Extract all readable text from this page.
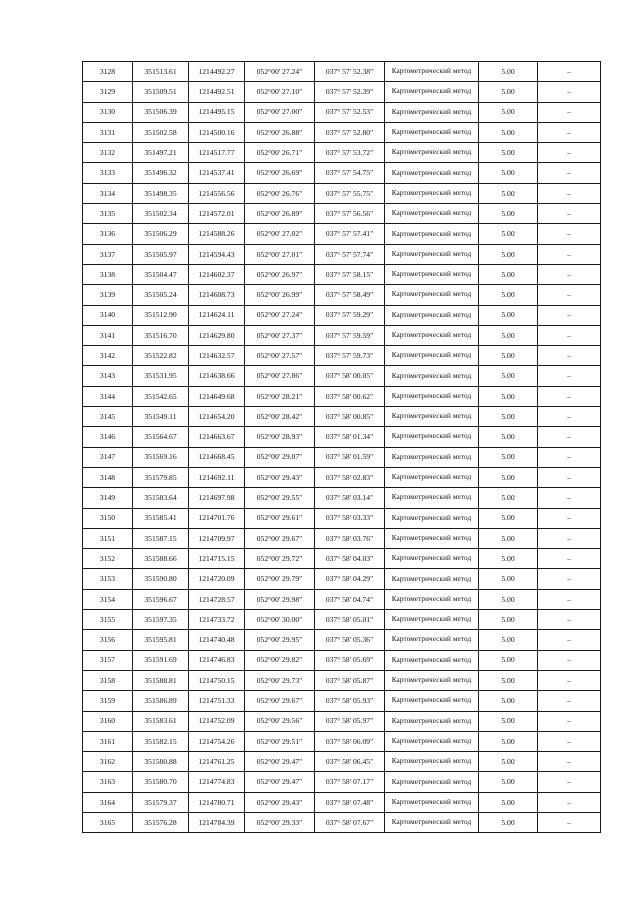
3128	351513.61	1214492.27	052°00' 27.24"	037° 57' 52.38"	Картометрический метод	5.00	–
3129	351509.51	1214492.51	052°00' 27.10"	037° 57' 52.39"	Картометрический метод	5.00	–
3130	351506.39	1214495.15	052°00' 27.00"	037° 57' 52.53"	Картометрический метод	5.00	–
3131	351502.58	1214500.16	052°00' 26.88"	037° 57' 52.80"	Картометрический метод	5.00	–
3132	351497.21	1214517.77	052°00' 26.71"	037° 57' 53.72"	Картометрический метод	5.00	–
3133	351496.32	1214537.41	052°00' 26.69"	037° 57' 54.75"	Картометрический метод	5.00	–
3134	351498.35	1214556.56	052°00' 26.76"	037° 57' 55.75"	Картометрический метод	5.00	–
3135	351502.34	1214572.01	052°00' 26.89"	037° 57' 56.56"	Картометрический метод	5.00	–
3136	351506.29	1214588.26	052°00' 27.02"	037° 57' 57.41"	Картометрический метод	5.00	–
3137	351505.97	1214594.43	052°00' 27.01"	037° 57' 57.74"	Картометрический метод	5.00	–
3138	351504.47	1214602.37	052°00' 26.97"	037° 57' 58.15"	Картометрический метод	5.00	–
3139	351505.24	1214608.73	052°00' 26.99"	037° 57' 58.49"	Картометрический метод	5.00	–
3140	351512.90	1214624.11	052°00' 27.24"	037° 57' 59.29"	Картометрический метод	5.00	–
3141	351516.70	1214629.80	052°00' 27.37"	037° 57' 59.59"	Картометрический метод	5.00	–
3142	351522.82	1214632.57	052°00' 27.57"	037° 57' 59.73"	Картометрический метод	5.00	–
3143	351531.95	1214638.66	052°00' 27.86"	037° 58' 00.05"	Картометрический метод	5.00	–
3144	351542.65	1214649.68	052°00' 28.21"	037° 58' 00.62"	Картометрический метод	5.00	–
3145	351549.11	1214654.20	052°00' 28.42"	037° 58' 00.85"	Картометрический метод	5.00	–
3146	351564.67	1214663.67	052°00' 28.93"	037° 58' 01.34"	Картометрический метод	5.00	–
3147	351569.16	1214668.45	052°00' 29.07"	037° 58' 01.59"	Картометрический метод	5.00	–
3148	351579.85	1214692.11	052°00' 29.43"	037° 58' 02.83"	Картометрический метод	5.00	–
3149	351583.64	1214697.98	052°00' 29.55"	037° 58' 03.14"	Картометрический метод	5.00	–
3150	351585.41	1214701.76	052°00' 29.61"	037° 58' 03.33"	Картометрический метод	5.00	–
3151	351587.15	1214709.97	052°00' 29.67"	037° 58' 03.76"	Картометрический метод	5.00	–
3152	351588.66	1214715.15	052°00' 29.72"	037° 58' 04.03"	Картометрический метод	5.00	–
3153	351590.80	1214720.09	052°00' 29.79"	037° 58' 04.29"	Картометрический метод	5.00	–
3154	351596.67	1214728.57	052°00' 29.98"	037° 58' 04.74"	Картометрический метод	5.00	–
3155	351597.35	1214733.72	052°00' 30.00"	037° 58' 05.01"	Картометрический метод	5.00	–
3156	351595.81	1214740.48	052°00' 29.95"	037° 58' 05.36"	Картометрический метод	5.00	–
3157	351591.69	1214746.83	052°00' 29.82"	037° 58' 05.69"	Картометрический метод	5.00	–
3158	351588.81	1214750.15	052°00' 29.73"	037° 58' 05.87"	Картометрический метод	5.00	–
3159	351586.89	1214751.33	052°00' 29.67"	037° 58' 05.93"	Картометрический метод	5.00	–
3160	351583.61	1214752.09	052°00' 29.56"	037° 58' 05.97"	Картометрический метод	5.00	–
3161	351582.15	1214754.26	052°00' 29.51"	037° 58' 06.09"	Картометрический метод	5.00	–
3162	351580.88	1214761.25	052°00' 29.47"	037° 58' 06.45"	Картометрический метод	5.00	–
3163	351580.70	1214774.83	052°00' 29.47"	037° 58' 07.17"	Картометрический метод	5.00	–
3164	351579.37	1214780.71	052°00' 29.43"	037° 58' 07.48"	Картометрический метод	5.00	–
3165	351576.28	1214784.39	052°00' 29.33"	037° 58' 07.67"	Картометрический метод	5.00	–
